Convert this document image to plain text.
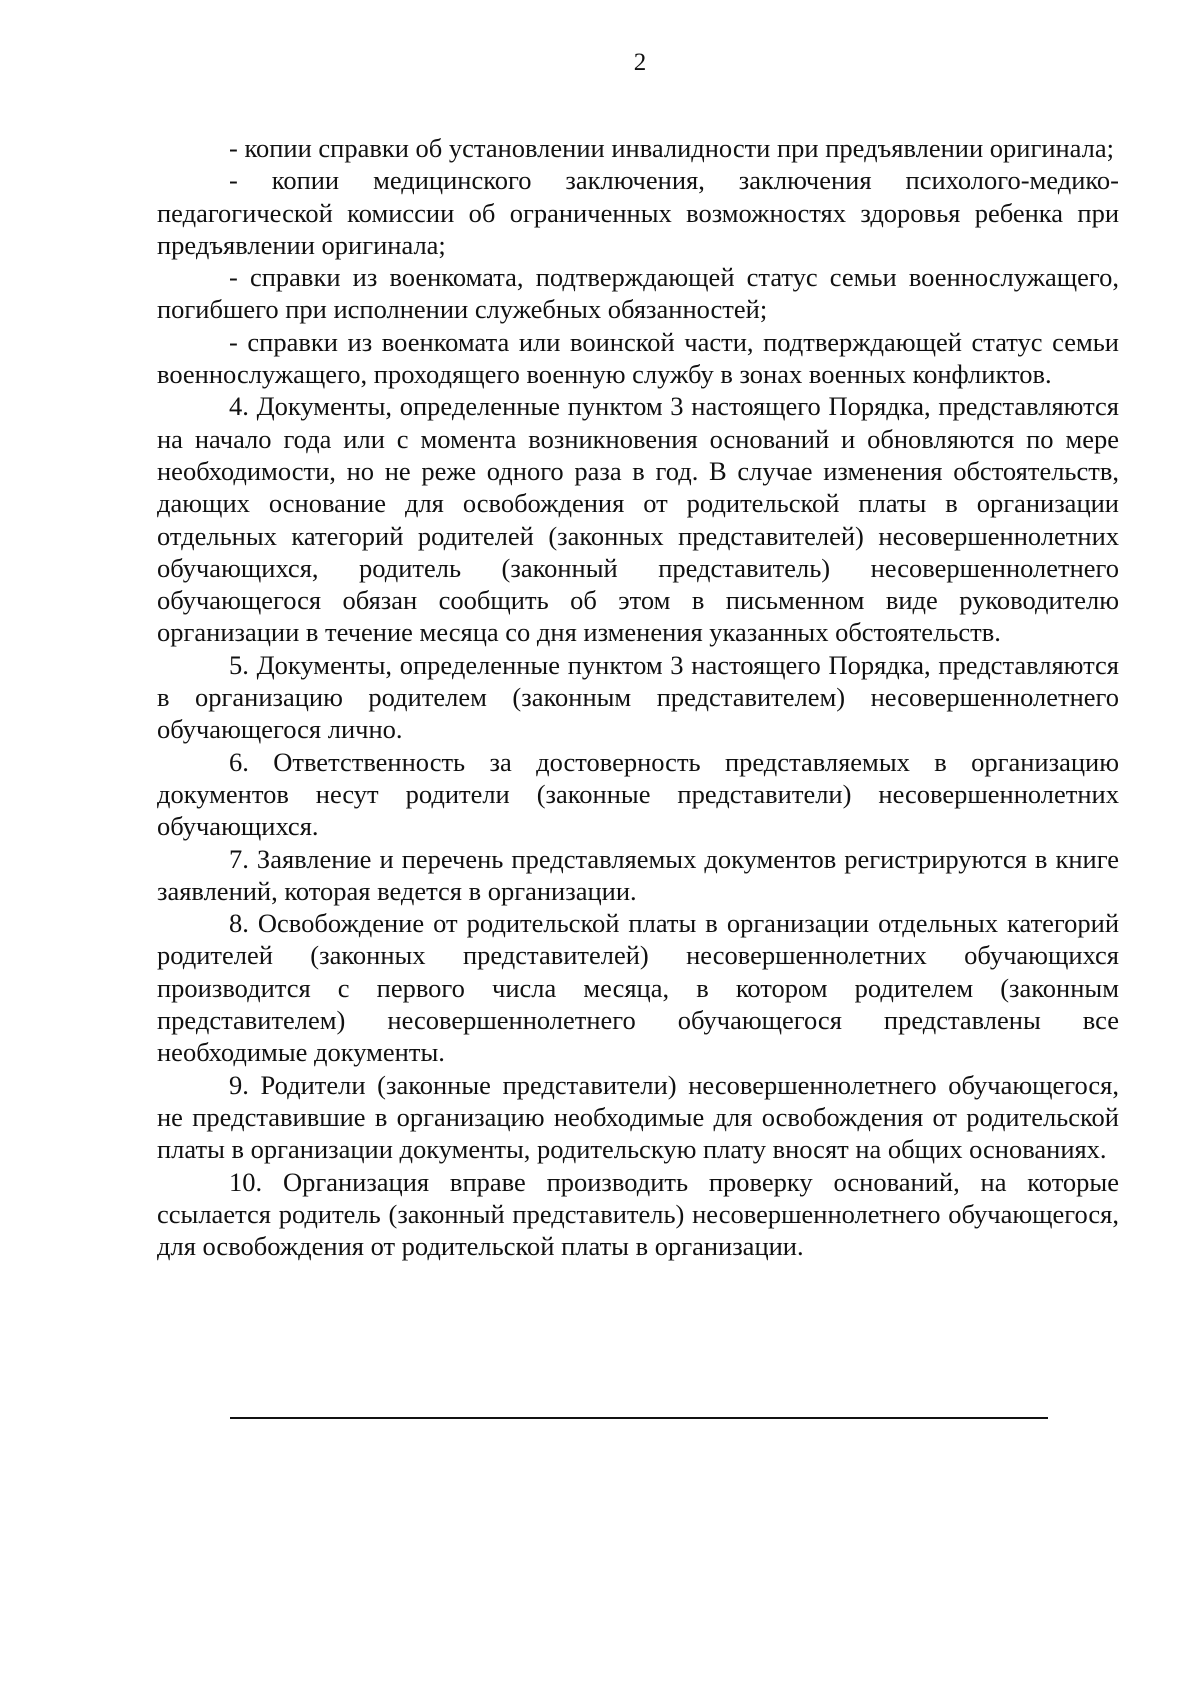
2

- копии справки об установлении инвалидности при предъявлении оригинала;

- копии медицинского заключения, заключения психолого-медико-педагогической комиссии об ограниченных возможностях здоровья ребенка при предъявлении оригинала;

- справки из военкомата, подтверждающей статус семьи военнослужащего, погибшего при исполнении служебных обязанностей;

- справки из военкомата или воинской части, подтверждающей статус семьи военнослужащего, проходящего военную службу в зонах военных конфликтов.

4. Документы, определенные пунктом 3 настоящего Порядка, представляются на начало года или с момента возникновения оснований и обновляются по мере необходимости, но не реже одного раза в год. В случае изменения обстоятельств, дающих основание для освобождения от родительской платы в организации отдельных категорий родителей (законных представителей) несовершеннолетних обучающихся, родитель (законный представитель) несовершеннолетнего обучающегося обязан сообщить об этом в письменном виде руководителю организации в течение месяца со дня изменения указанных обстоятельств.

5. Документы, определенные пунктом 3 настоящего Порядка, представляются в организацию родителем (законным представителем) несовершеннолетнего обучающегося лично.

6. Ответственность за достоверность представляемых в организацию документов несут родители (законные представители) несовершеннолетних обучающихся.

7. Заявление и перечень представляемых документов регистрируются в книге заявлений, которая ведется в организации.

8. Освобождение от родительской платы в организации отдельных категорий родителей (законных представителей) несовершеннолетних обучающихся производится с первого числа месяца, в котором родителем (законным представителем) несовершеннолетнего обучающегося представлены все необходимые документы.

9. Родители (законные представители) несовершеннолетнего обучающегося, не представившие в организацию необходимые для освобождения от родительской платы в организации документы, родительскую плату вносят на общих основаниях.

10. Организация вправе производить проверку оснований, на которые ссылается родитель (законный представитель) несовершеннолетнего обучающегося, для освобождения от родительской платы в организации.
